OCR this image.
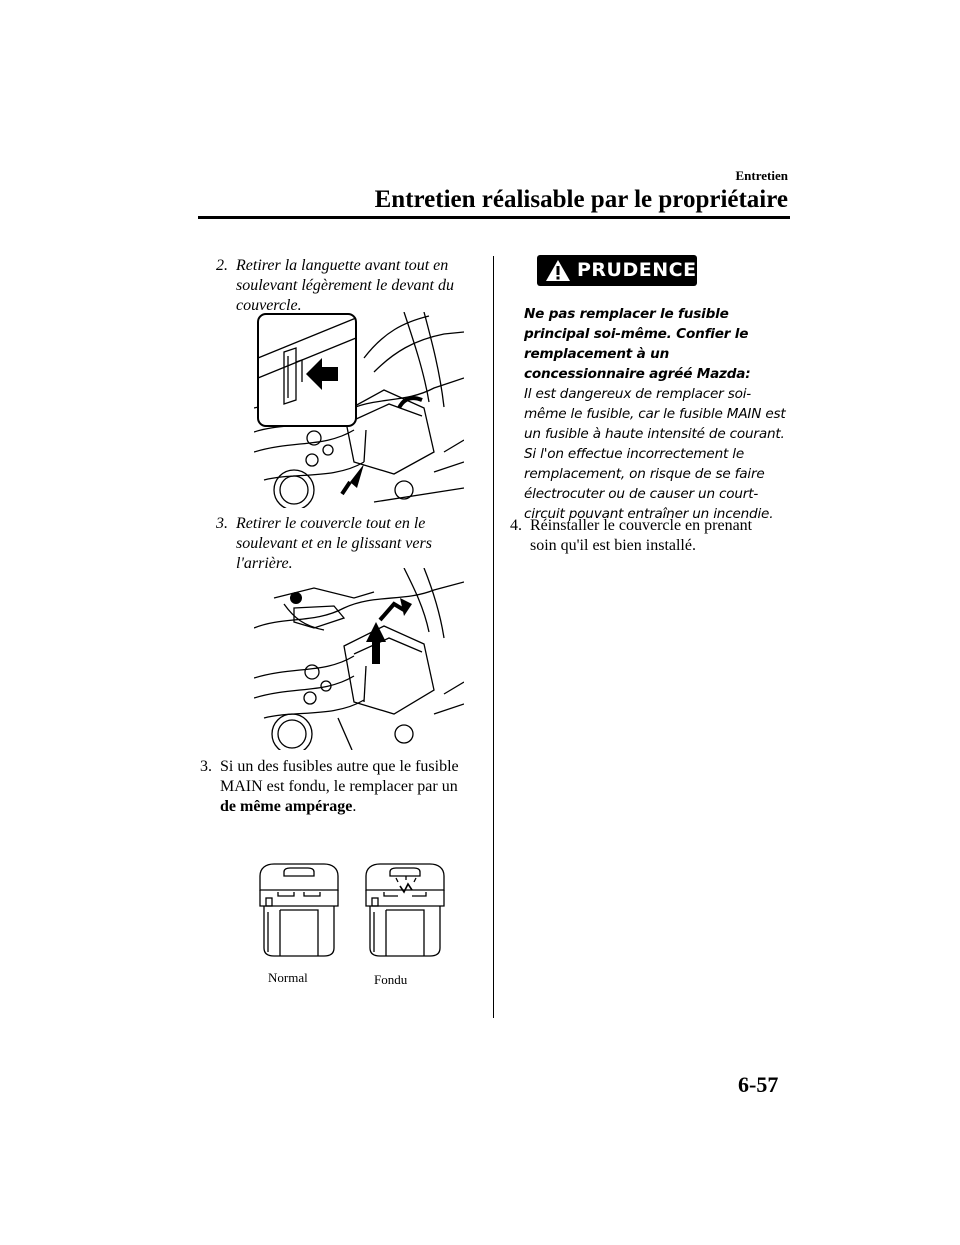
Entretien
Entretien réalisable par le propriétaire
2. Retirer la languette avant tout en soulevant légèrement le devant du couvercle.
3. Retirer le couvercle tout en le soulevant et en le glissant vers l'arrière.
3. Si un des fusibles autre que le fusible MAIN est fondu, le remplacer par un de même ampérage.
Normal	Fondu
PRUDENCE
Ne pas remplacer le fusible principal soi-même. Confier le remplacement à un concessionnaire agréé Mazda:
Il est dangereux de remplacer soi-même le fusible, car le fusible MAIN est un fusible à haute intensité de courant. Si l'on effectue incorrectement le remplacement, on risque de se faire électrocuter ou de causer un court-circuit pouvant entraîner un incendie.
4. Réinstaller le couvercle en prenant soin qu'il est bien installé.
6-57
